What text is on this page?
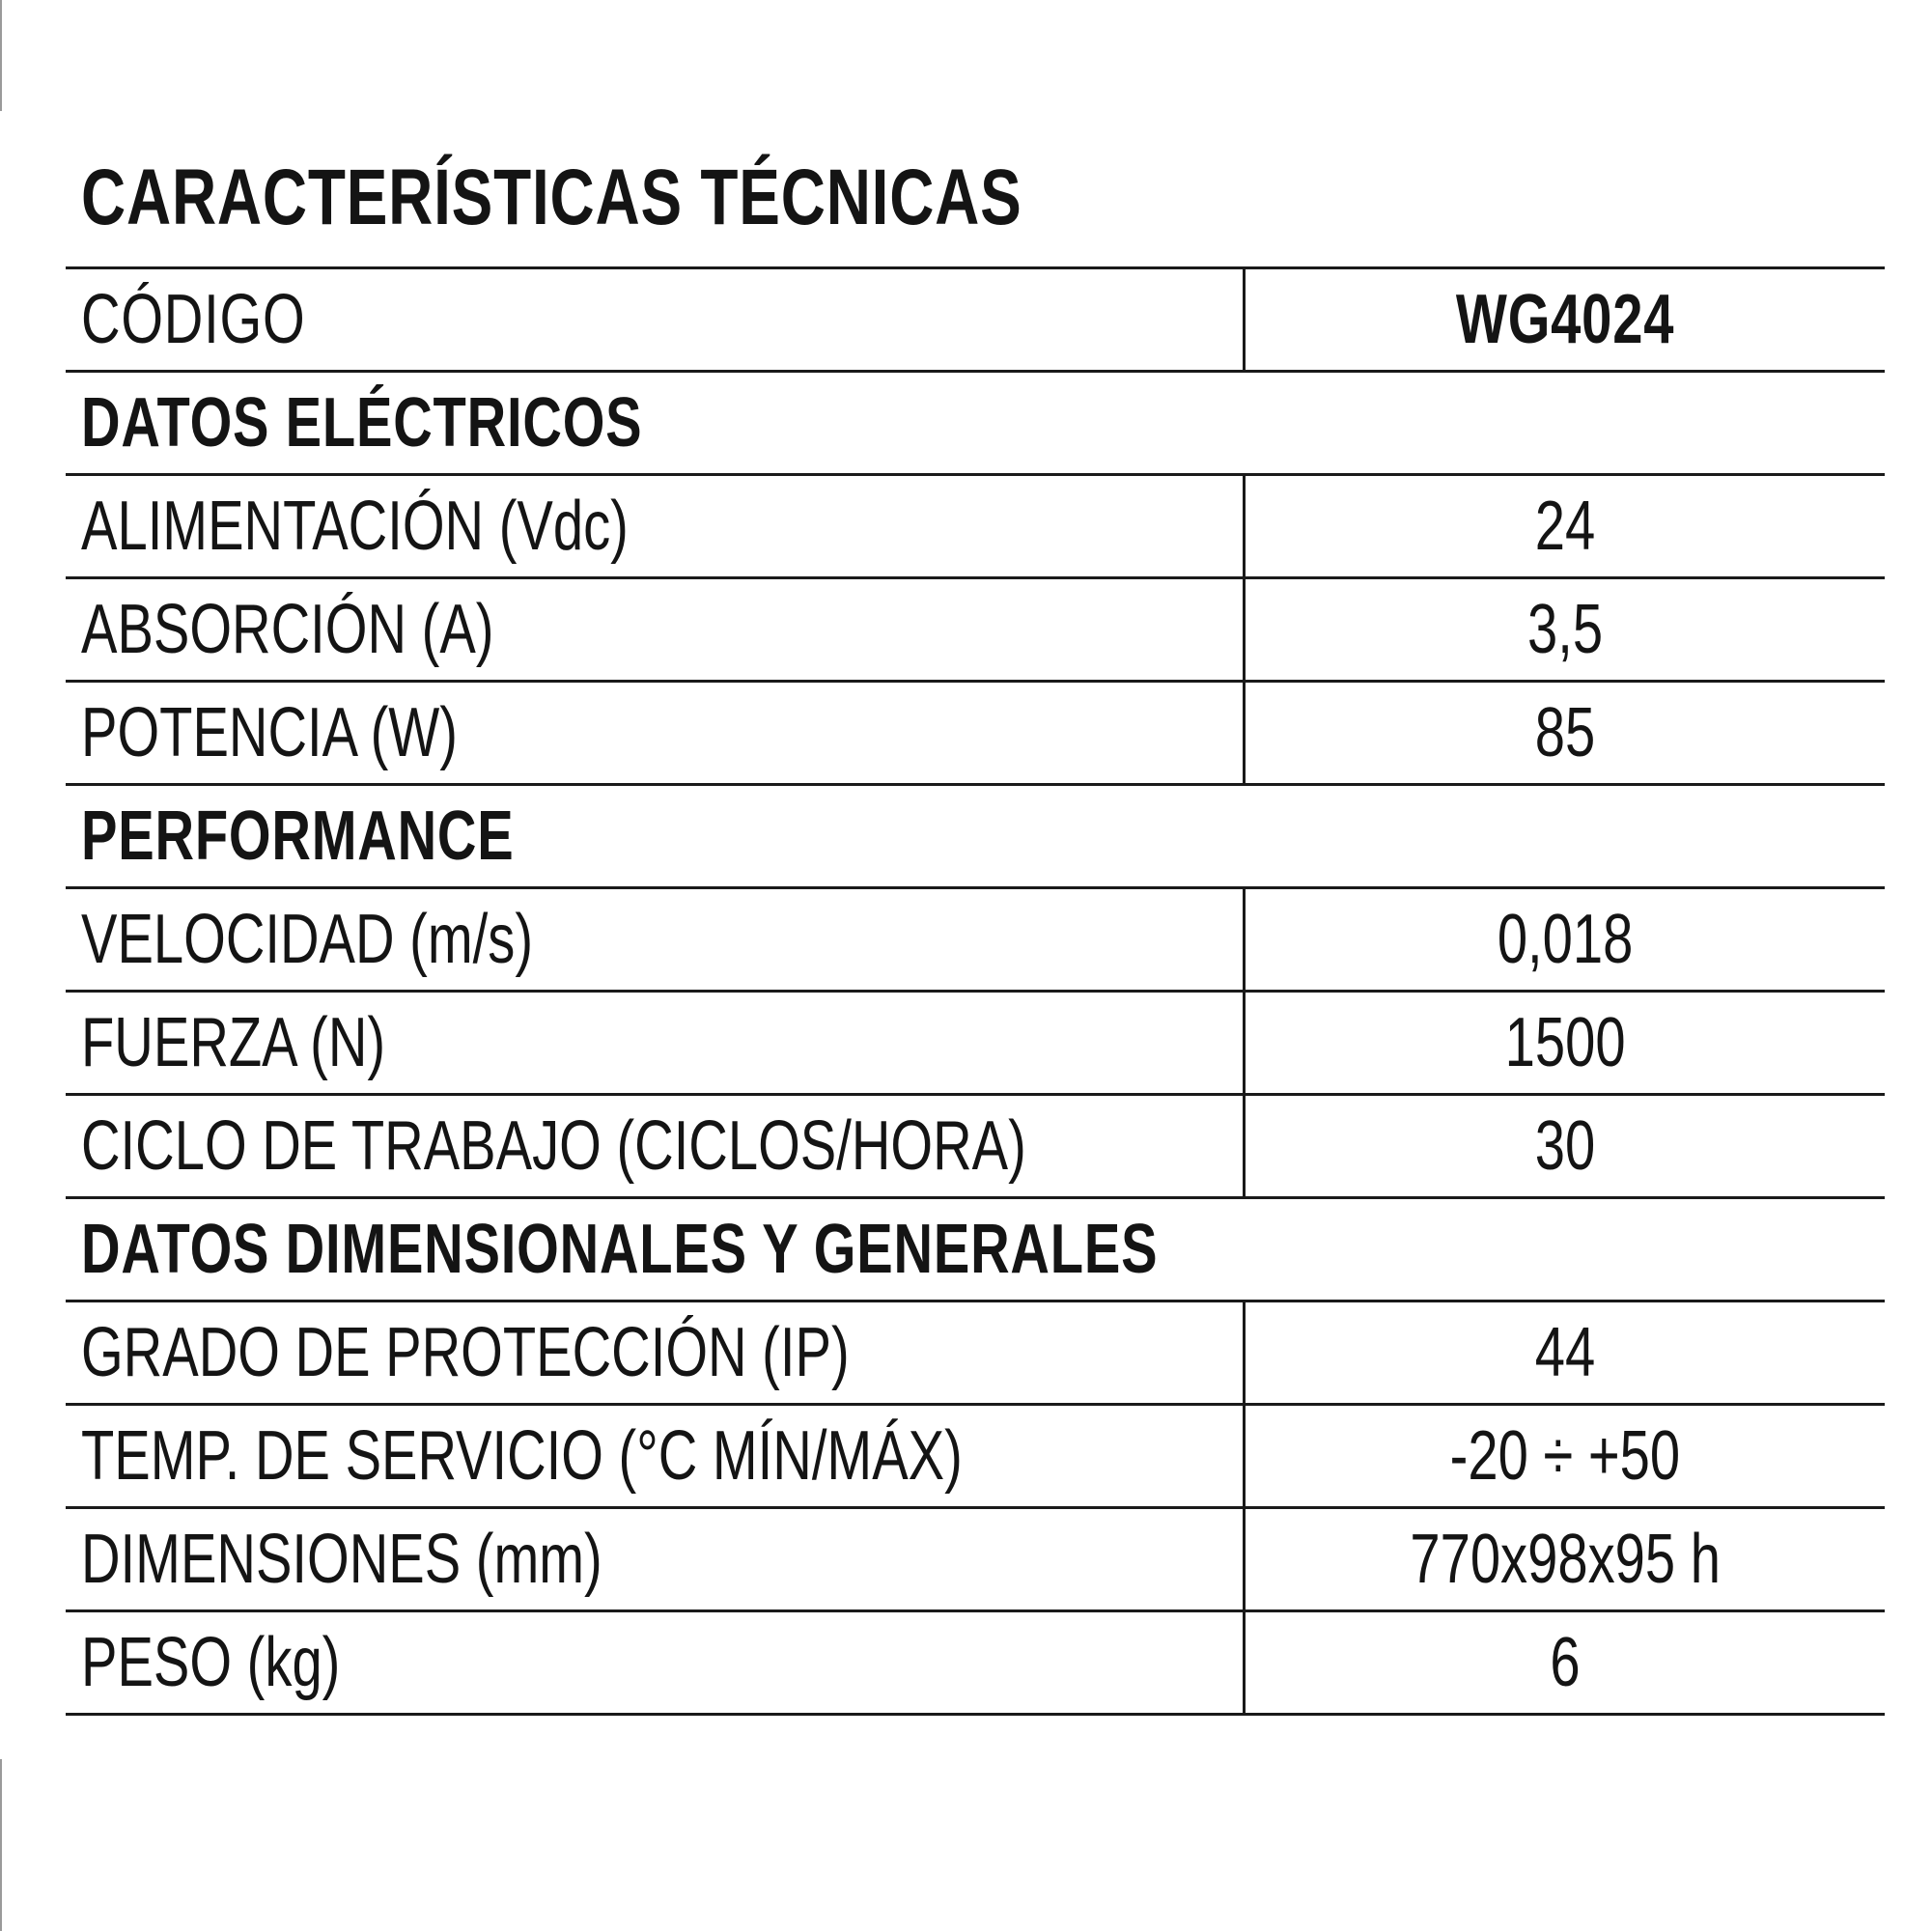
CARACTERÍSTICAS TÉCNICAS
CÓDIGO	WG4024
DATOS ELÉCTRICOS
ALIMENTACIÓN (Vdc)	24
ABSORCIÓN (A)	3,5
POTENCIA (W)	85
PERFORMANCE
VELOCIDAD (m/s)	0,018
FUERZA (N)	1500
CICLO DE TRABAJO (CICLOS/HORA)	30
DATOS DIMENSIONALES Y GENERALES
GRADO DE PROTECCIÓN (IP)	44
TEMP. DE SERVICIO (°C MÍN/MÁX)	-20 ÷ +50
DIMENSIONES (mm)	770x98x95 h
PESO (kg)	6
